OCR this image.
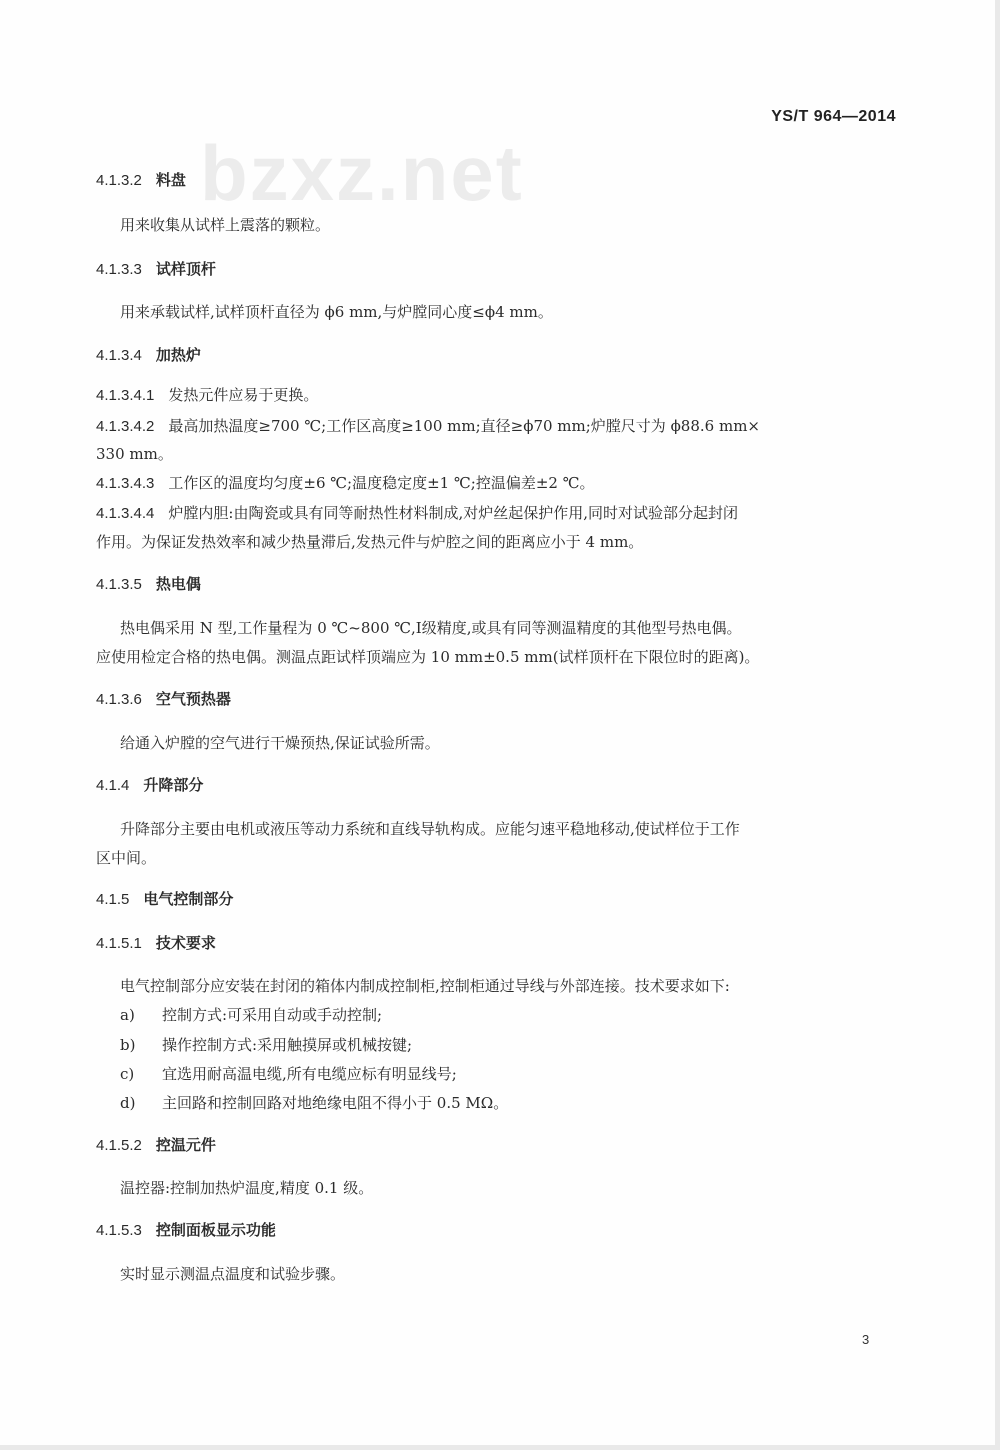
bzxz.net
YS/T 964—2014
4.1.3.2 料盘
用来收集从试样上震落的颗粒。
4.1.3.3 试样顶杆
用来承载试样,试样顶杆直径为 ϕ6 mm,与炉膛同心度≤ϕ4 mm。
4.1.3.4 加热炉
4.1.3.4.1 发热元件应易于更换。
4.1.3.4.2 最高加热温度≥700 ℃;工作区高度≥100 mm;直径≥ϕ70 mm;炉膛尺寸为 ϕ88.6 mm×
330 mm。
4.1.3.4.3 工作区的温度均匀度±6 ℃;温度稳定度±1 ℃;控温偏差±2 ℃。
4.1.3.4.4 炉膛内胆:由陶瓷或具有同等耐热性材料制成,对炉丝起保护作用,同时对试验部分起封闭
作用。为保证发热效率和减少热量滞后,发热元件与炉腔之间的距离应小于 4 mm。
4.1.3.5 热电偶
热电偶采用 N 型,工作量程为 0 ℃~800 ℃,Ⅰ级精度,或具有同等测温精度的其他型号热电偶。
应使用检定合格的热电偶。测温点距试样顶端应为 10 mm±0.5 mm(试样顶杆在下限位时的距离)。
4.1.3.6 空气预热器
给通入炉膛的空气进行干燥预热,保证试验所需。
4.1.4 升降部分
升降部分主要由电机或液压等动力系统和直线导轨构成。应能匀速平稳地移动,使试样位于工作
区中间。
4.1.5 电气控制部分
4.1.5.1 技术要求
电气控制部分应安装在封闭的箱体内制成控制柜,控制柜通过导线与外部连接。技术要求如下:
a) 控制方式:可采用自动或手动控制;
b) 操作控制方式:采用触摸屏或机械按键;
c) 宜选用耐高温电缆,所有电缆应标有明显线号;
d) 主回路和控制回路对地绝缘电阻不得小于 0.5 MΩ。
4.1.5.2 控温元件
温控器:控制加热炉温度,精度 0.1 级。
4.1.5.3 控制面板显示功能
实时显示测温点温度和试验步骤。
3
